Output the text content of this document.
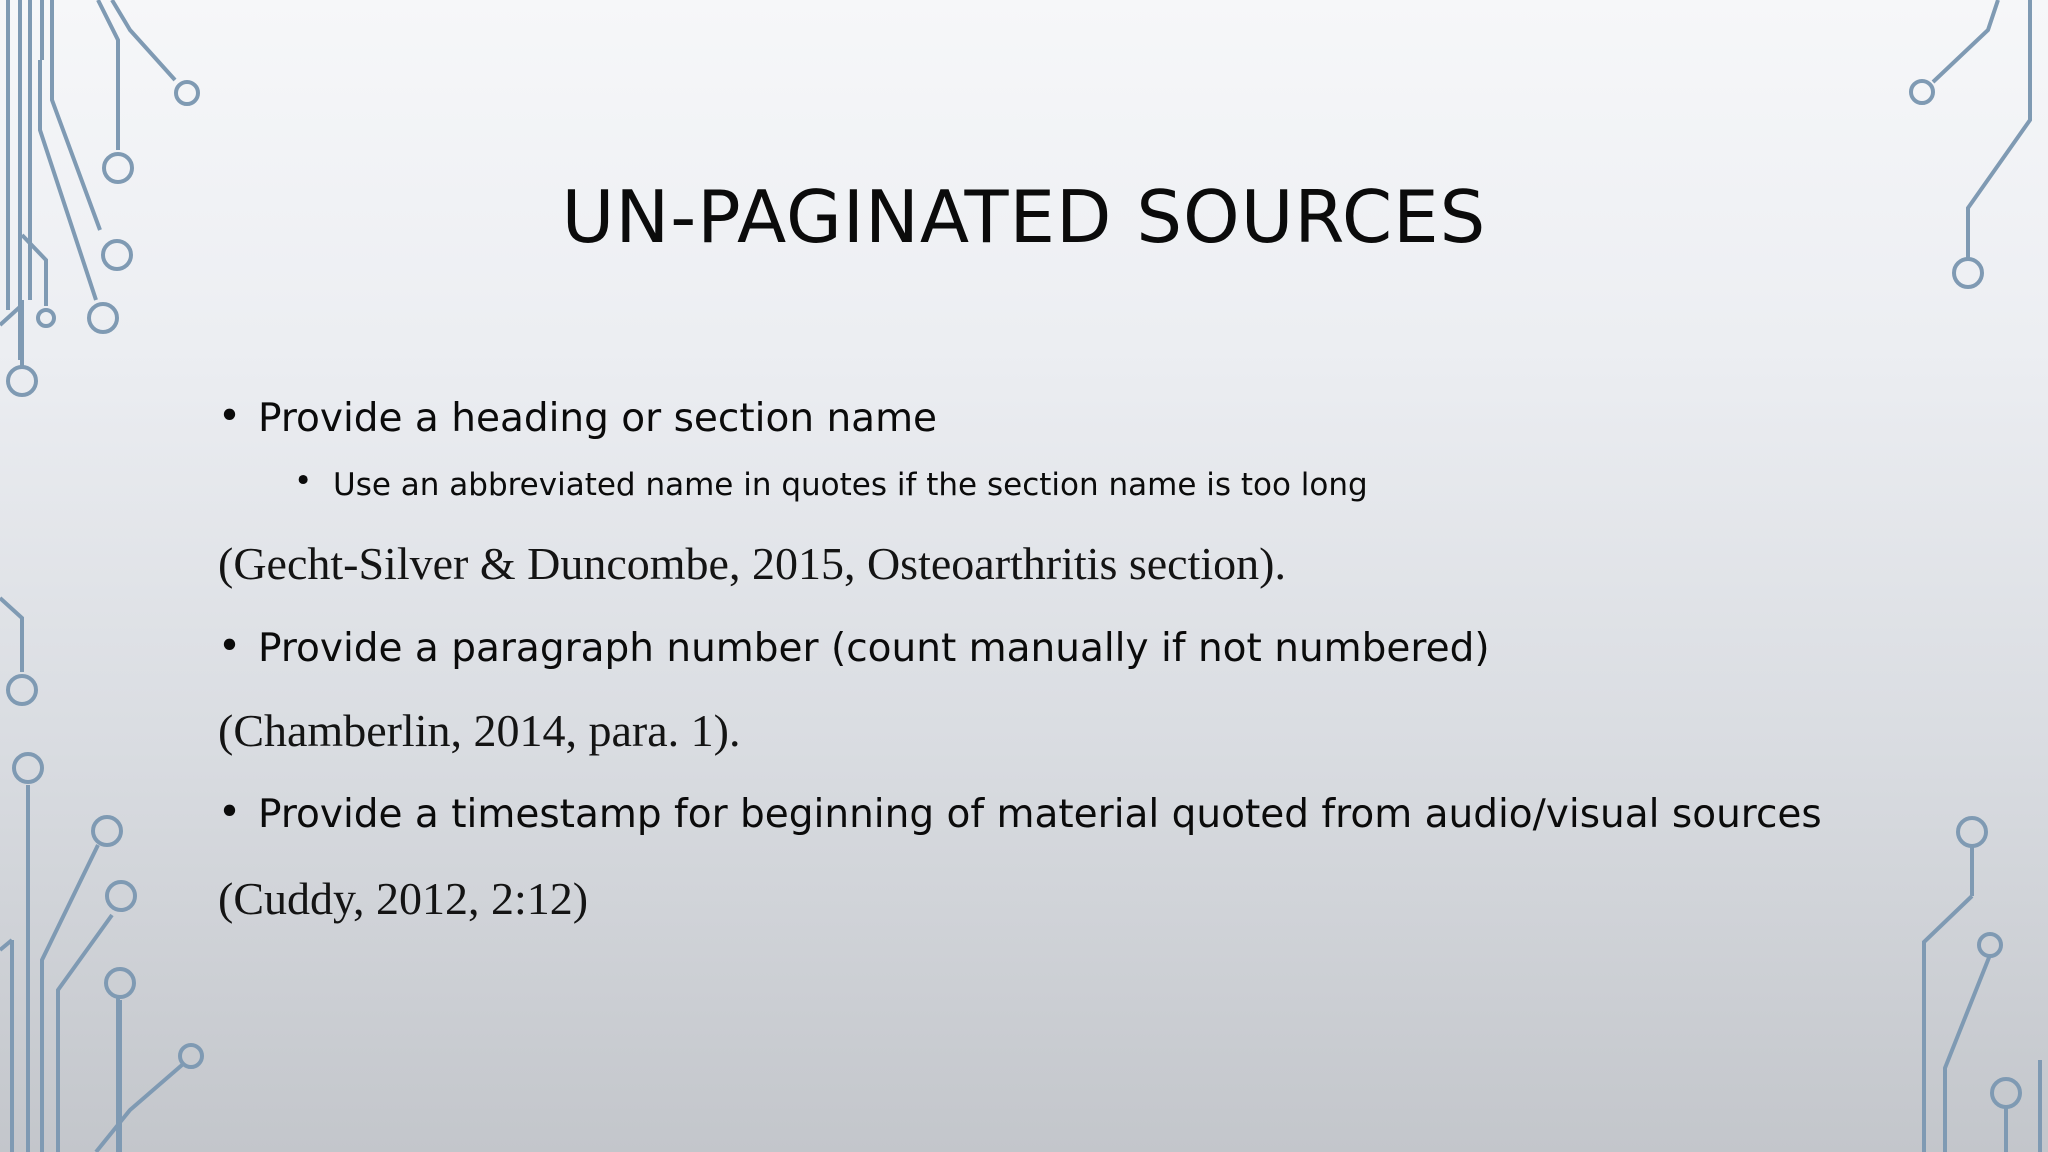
UN-PAGINATED SOURCES
• Provide a heading or section name
• Use an abbreviated name in quotes if the section name is too long
(Gecht-Silver & Duncombe, 2015, Osteoarthritis section).
• Provide a paragraph number (count manually if not numbered)
(Chamberlin, 2014, para. 1).
• Provide a timestamp for beginning of material quoted from audio/visual sources
(Cuddy, 2012, 2:12)
